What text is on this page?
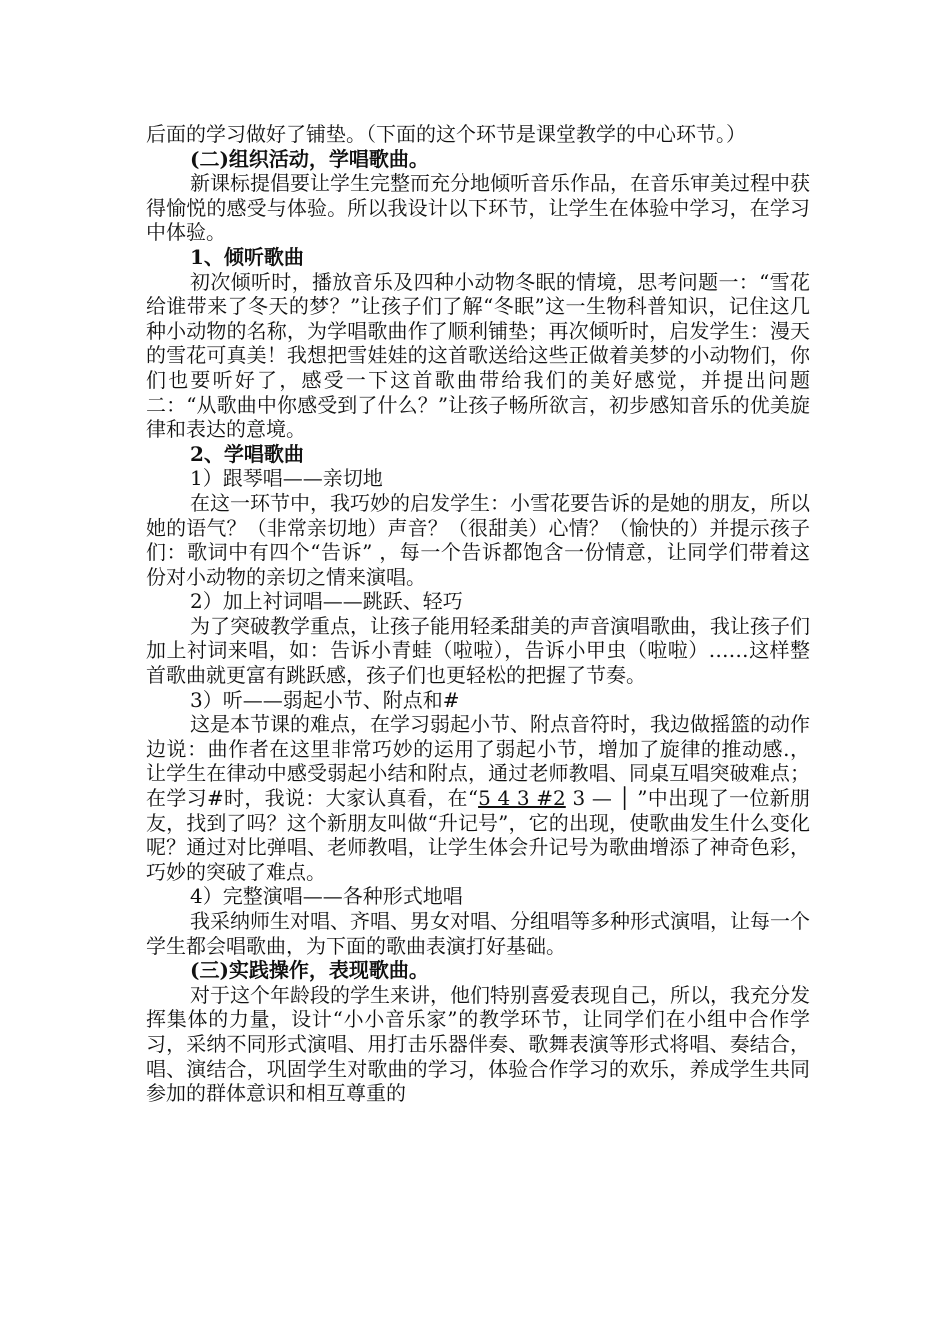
后面的学习做好了铺垫。（下面的这个环节是课堂教学的中心环节。）

(二)组织活动，学唱歌曲。

新课标提倡要让学生完整而充分地倾听音乐作品，在音乐审美过程中获得愉悦的感受与体验。所以我设计以下环节，让学生在体验中学习，在学习中体验。

1、倾听歌曲

初次倾听时，播放音乐及四种小动物冬眠的情境，思考问题一：“雪花给谁带来了冬天的梦？”让孩子们了解“冬眠”这一生物科普知识，记住这几种小动物的名称，为学唱歌曲作了顺利铺垫；再次倾听时，启发学生：漫天的雪花可真美！我想把雪娃娃的这首歌送给这些正做着美梦的小动物们，你们也要听好了，感受一下这首歌曲带给我们的美好感觉，并提出问题二：“从歌曲中你感受到了什么？”让孩子畅所欲言，初步感知音乐的优美旋律和表达的意境。

2、学唱歌曲

1）跟琴唱——亲切地

在这一环节中，我巧妙的启发学生：小雪花要告诉的是她的朋友，所以她的语气？（非常亲切地）声音？（很甜美）心情？（愉快的）并提示孩子们：歌词中有四个“告诉” ，每一个告诉都饱含一份情意，让同学们带着这份对小动物的亲切之情来演唱。

2）加上衬词唱——跳跃、轻巧

为了突破教学重点，让孩子能用轻柔甜美的声音演唱歌曲，我让孩子们加上衬词来唱，如：告诉小青蛙（啦啦），告诉小甲虫（啦啦）……这样整首歌曲就更富有跳跃感，孩子们也更轻松的把握了节奏。

3）听——弱起小节、附点和#

这是本节课的难点，在学习弱起小节、附点音符时，我边做摇篮的动作边说：曲作者在这里非常巧妙的运用了弱起小节，增加了旋律的推动感.，让学生在律动中感受弱起小结和附点，通过老师教唱、同桌互唱突破难点；在学习#时，我说：大家认真看，在“5 4 3 #2 3 — │ ”中出现了一位新朋友，找到了吗？这个新朋友叫做“升记号”，它的出现，使歌曲发生什么变化呢？通过对比弹唱、老师教唱，让学生体会升记号为歌曲增添了神奇色彩，巧妙的突破了难点。

4）完整演唱——各种形式地唱

我采纳师生对唱、齐唱、男女对唱、分组唱等多种形式演唱，让每一个学生都会唱歌曲，为下面的歌曲表演打好基础。

(三)实践操作，表现歌曲。

对于这个年龄段的学生来讲，他们特别喜爱表现自己，所以，我充分发挥集体的力量，设计“小小音乐家”的教学环节，让同学们在小组中合作学习，采纳不同形式演唱、用打击乐器伴奏、歌舞表演等形式将唱、奏结合，唱、演结合，巩固学生对歌曲的学习，体验合作学习的欢乐，养成学生共同参加的群体意识和相互尊重的
